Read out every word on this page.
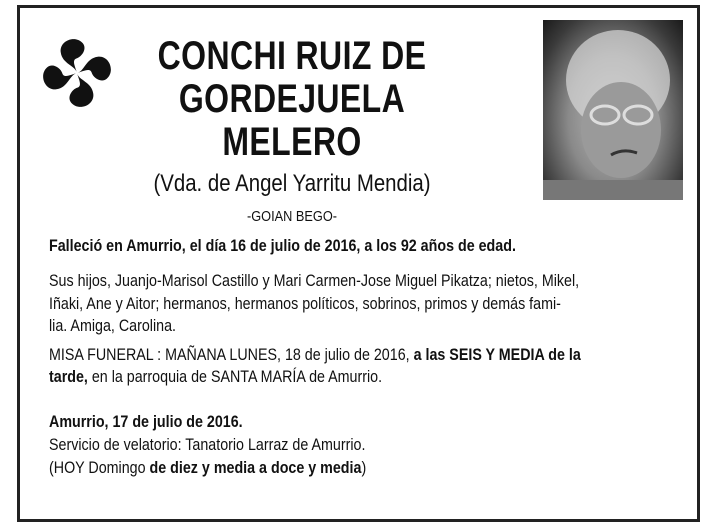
CONCHI RUIZ DE
GORDEJUELA
MELERO
(Vda. de Angel Yarritu Mendia)
-GOIAN BEGO-
Falleció en Amurrio, el día 16 de julio de 2016, a los 92 años de edad.
Sus hijos, Juanjo-Marisol Castillo y Mari Carmen-Jose Miguel Pikatza; nietos, Mikel,
Iñaki, Ane y Aitor; hermanos, hermanos políticos, sobrinos, primos y demás fami-
lia. Amiga, Carolina.
MISA FUNERAL : MAÑANA LUNES, 18 de julio de 2016, a las SEIS Y MEDIA de la
tarde, en la parroquia de SANTA MARÍA de Amurrio.
Amurrio, 17 de julio de 2016.
Servicio de velatorio: Tanatorio Larraz de Amurrio.
(HOY Domingo de diez y media a doce y media)
